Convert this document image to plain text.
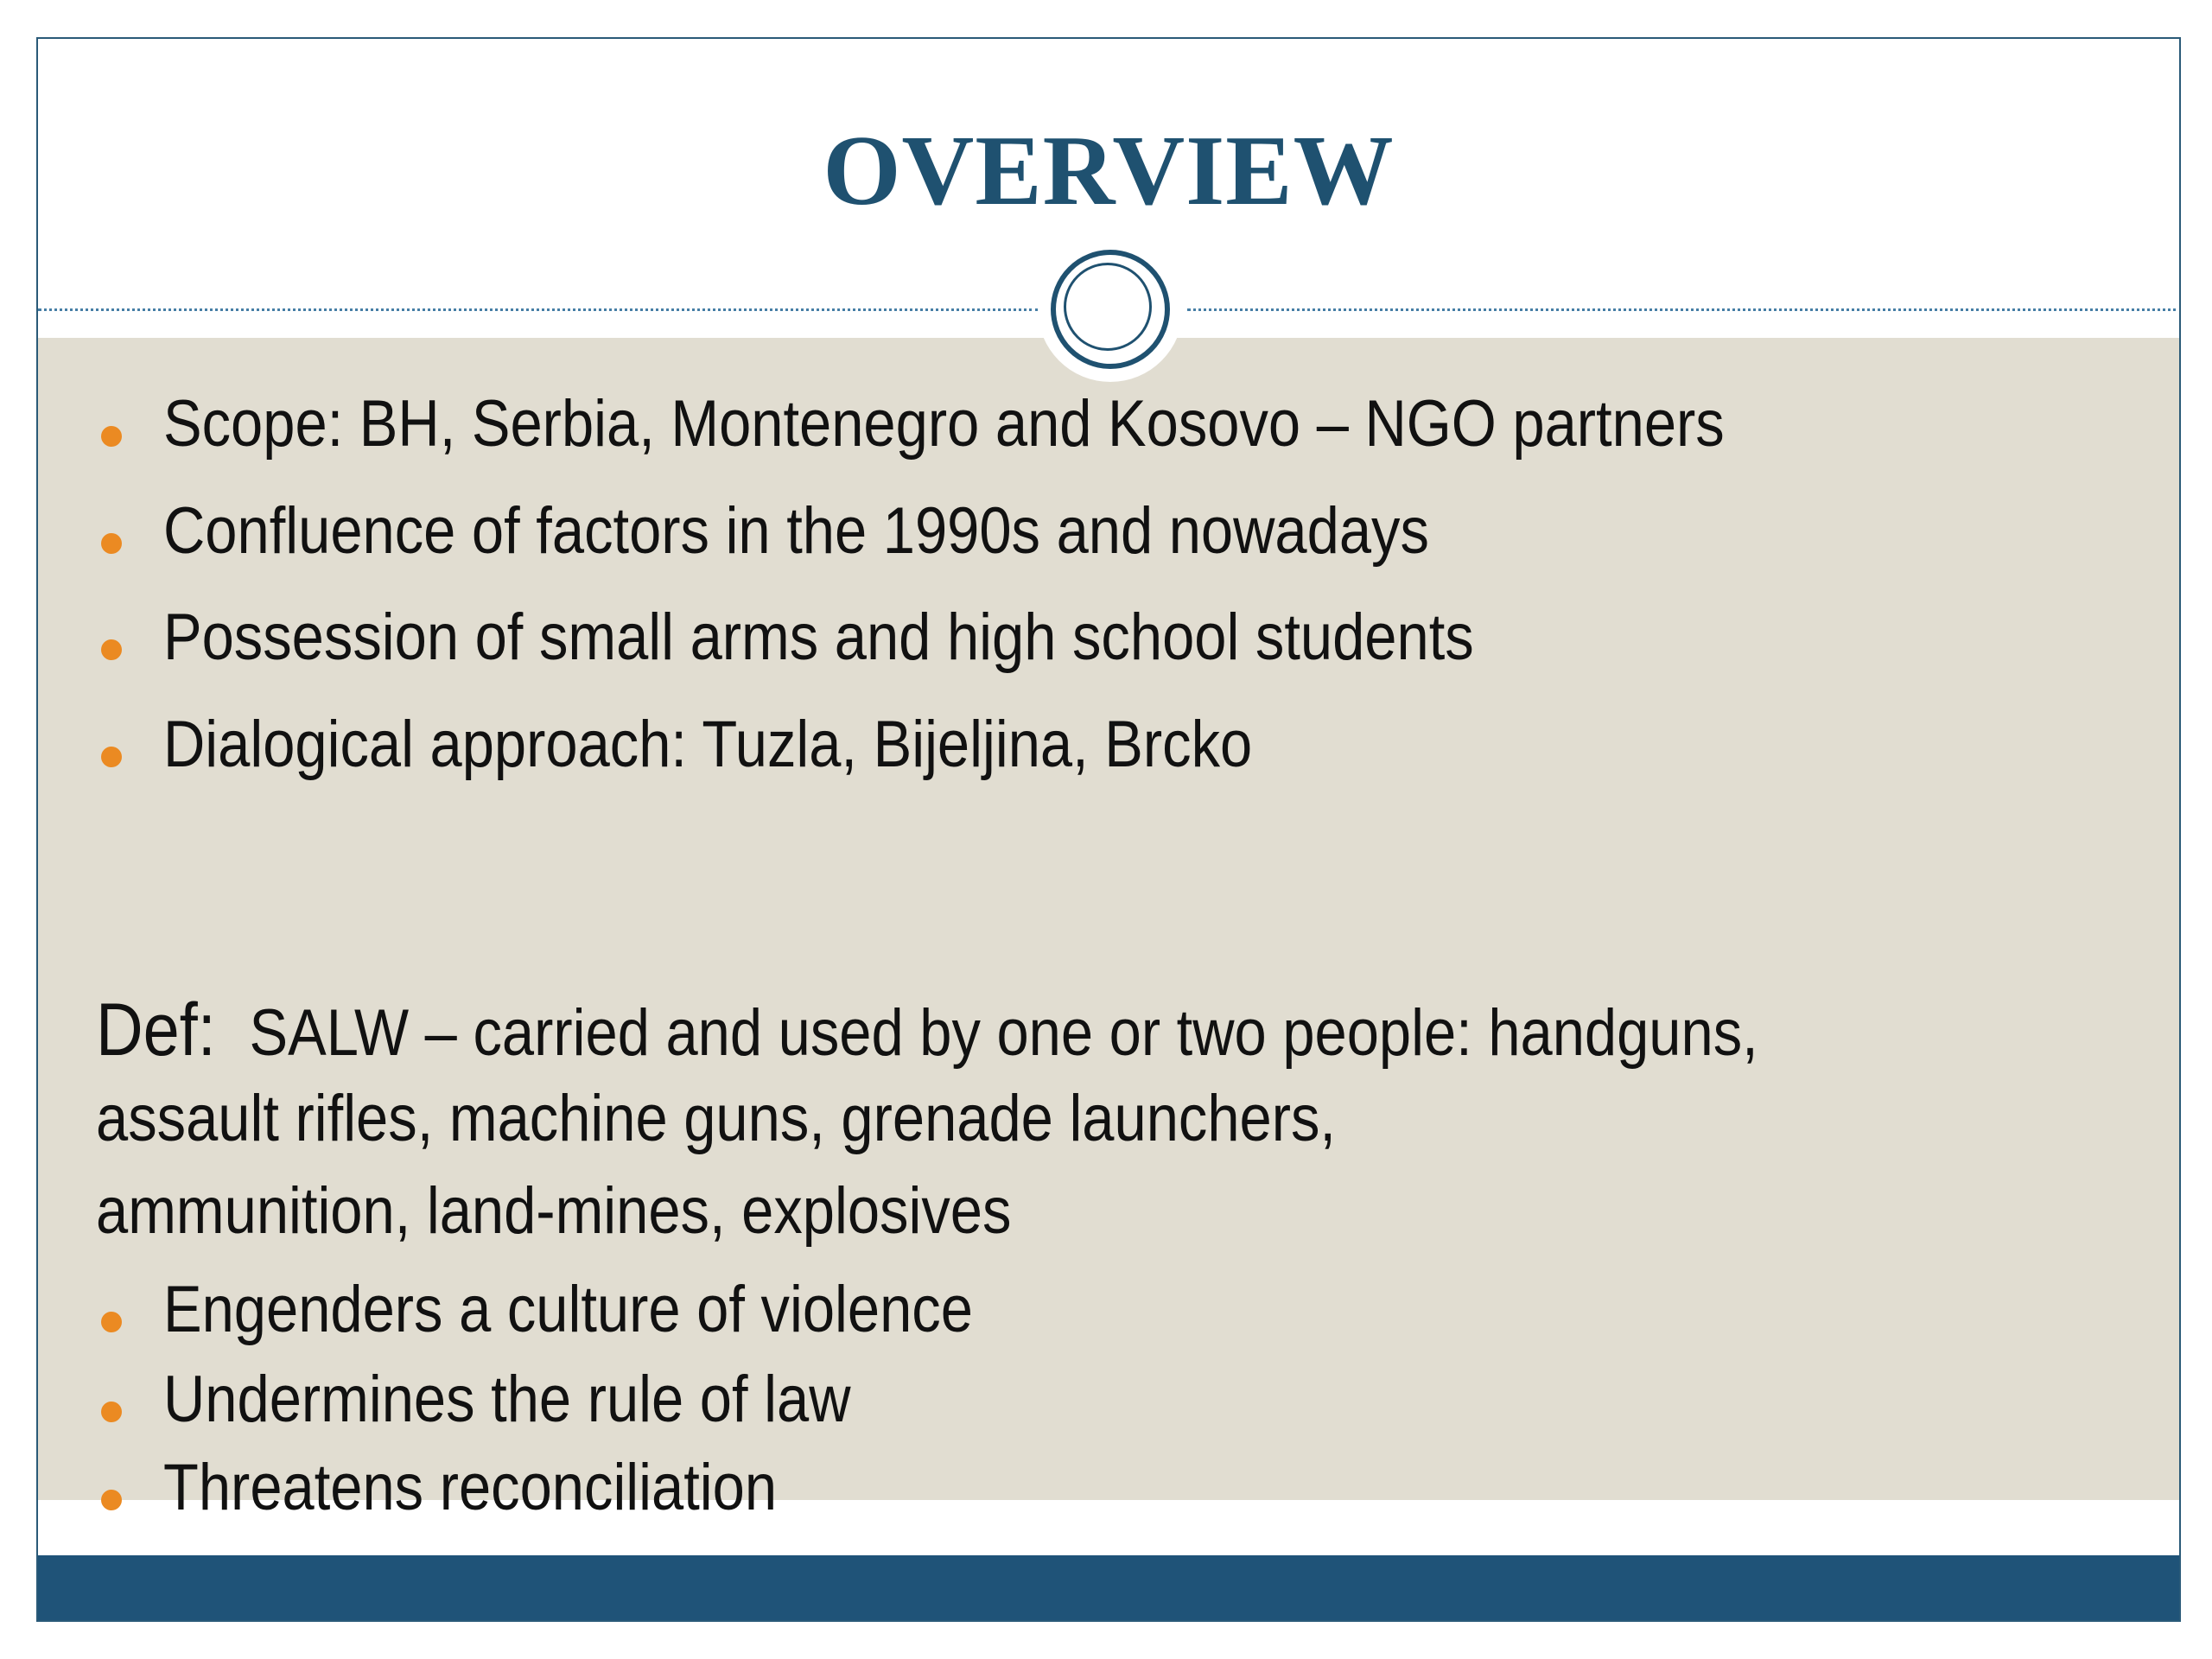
OVERVIEW
Scope: BH, Serbia, Montenegro and Kosovo – NGO partners
Confluence of factors in the 1990s and nowadays
Possession of small arms and high school students
Dialogical approach: Tuzla, Bijeljina, Brcko
Def: SALW – carried and used by one or two people: handguns,
assault rifles, machine guns, grenade launchers,
ammunition, land-mines, explosives
Engenders a culture of violence
Undermines the rule of law
Threatens reconciliation
